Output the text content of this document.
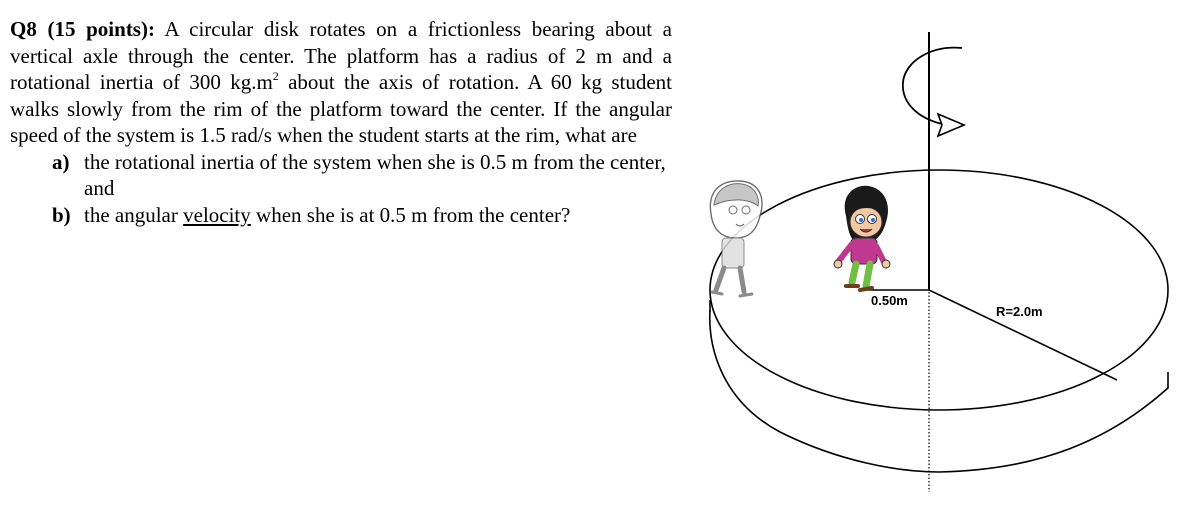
Q8 (15 points): A circular disk rotates on a frictionless bearing about a vertical axle through the center. The platform has a radius of 2 m and a rotational inertia of 300 $kg.m^2$ about the axis of rotation. A 60 kg student walks slowly from the rim of the platform toward the center. If the angular speed of the system is 1.5 rad/s when the student starts at the rim, what are
a) the rotational inertia of the system when she is 0.5 m from the center, and
b) the angular velocity when she is at 0.5 m from the center?
0.50m
R=2.0m
